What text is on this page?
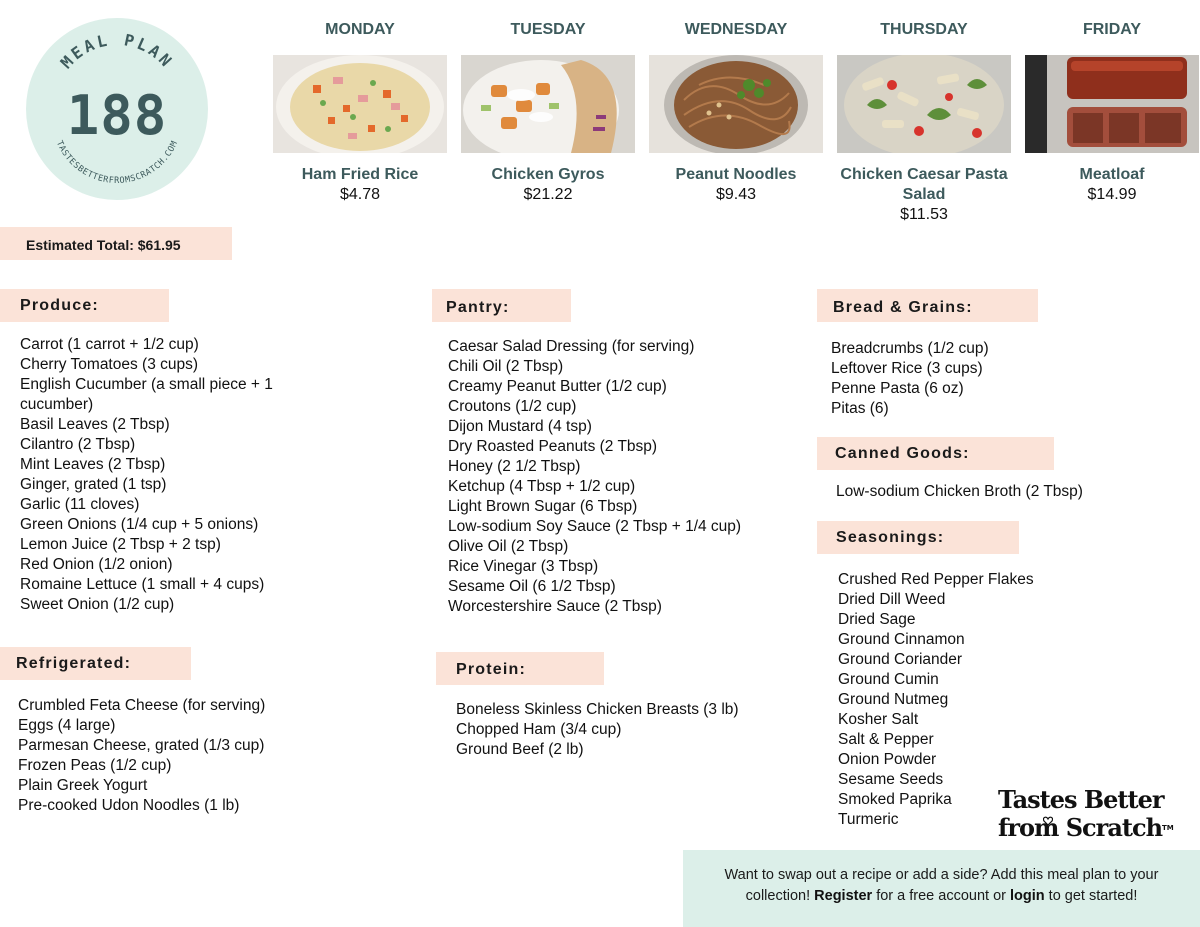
MEAL PLAN
TASTESBETTERFROMSCRATCH.COM
188
MONDAY
Ham Fried Rice
$4.78
TUESDAY
Chicken Gyros
$21.22
WEDNESDAY
Peanut Noodles
$9.43
THURSDAY
Chicken Caesar Pasta Salad
$11.53
FRIDAY
Meatloaf
$14.99
Estimated Total: $61.95
Produce:
Carrot (1 carrot + 1/2 cup)
Cherry Tomatoes (3 cups)
English Cucumber (a small piece + 1
cucumber)
Basil Leaves (2 Tbsp)
Cilantro (2 Tbsp)
Mint Leaves (2 Tbsp)
Ginger, grated (1 tsp)
Garlic (11 cloves)
Green Onions (1/4 cup + 5 onions)
Lemon Juice (2 Tbsp + 2 tsp)
Red Onion (1/2 onion)
Romaine Lettuce (1 small + 4 cups)
Sweet Onion (1/2 cup)
Refrigerated:
Crumbled Feta Cheese (for serving)
Eggs (4 large)
Parmesan Cheese, grated (1/3 cup)
Frozen Peas (1/2 cup)
Plain Greek Yogurt
Pre-cooked Udon Noodles (1 lb)
Pantry:
Caesar Salad Dressing (for serving)
Chili Oil (2 Tbsp)
Creamy Peanut Butter (1/2 cup)
Croutons (1/2 cup)
Dijon Mustard (4 tsp)
Dry Roasted Peanuts (2 Tbsp)
Honey (2 1/2 Tbsp)
Ketchup (4 Tbsp + 1/2 cup)
Light Brown Sugar (6 Tbsp)
Low-sodium Soy Sauce (2 Tbsp + 1/4 cup)
Olive Oil (2 Tbsp)
Rice Vinegar (3 Tbsp)
Sesame Oil (6 1/2 Tbsp)
Worcestershire Sauce (2 Tbsp)
Protein:
Boneless Skinless Chicken Breasts (3 lb)
Chopped Ham (3/4 cup)
Ground Beef (2 lb)
Bread & Grains:
Breadcrumbs (1/2 cup)
Leftover Rice (3 cups)
Penne Pasta (6 oz)
Pitas (6)
Canned Goods:
Low-sodium Chicken Broth (2 Tbsp)
Seasonings:
Crushed Red Pepper Flakes
Dried Dill Weed
Dried Sage
Ground Cinnamon
Ground Coriander
Ground Cumin
Ground Nutmeg
Kosher Salt
Salt & Pepper
Onion Powder
Sesame Seeds
Smoked Paprika
Turmeric
Tastes Better
from ScratchTM
Want to swap out a recipe or add a side? Add this meal plan to your collection! Register for a free account or login to get started!
